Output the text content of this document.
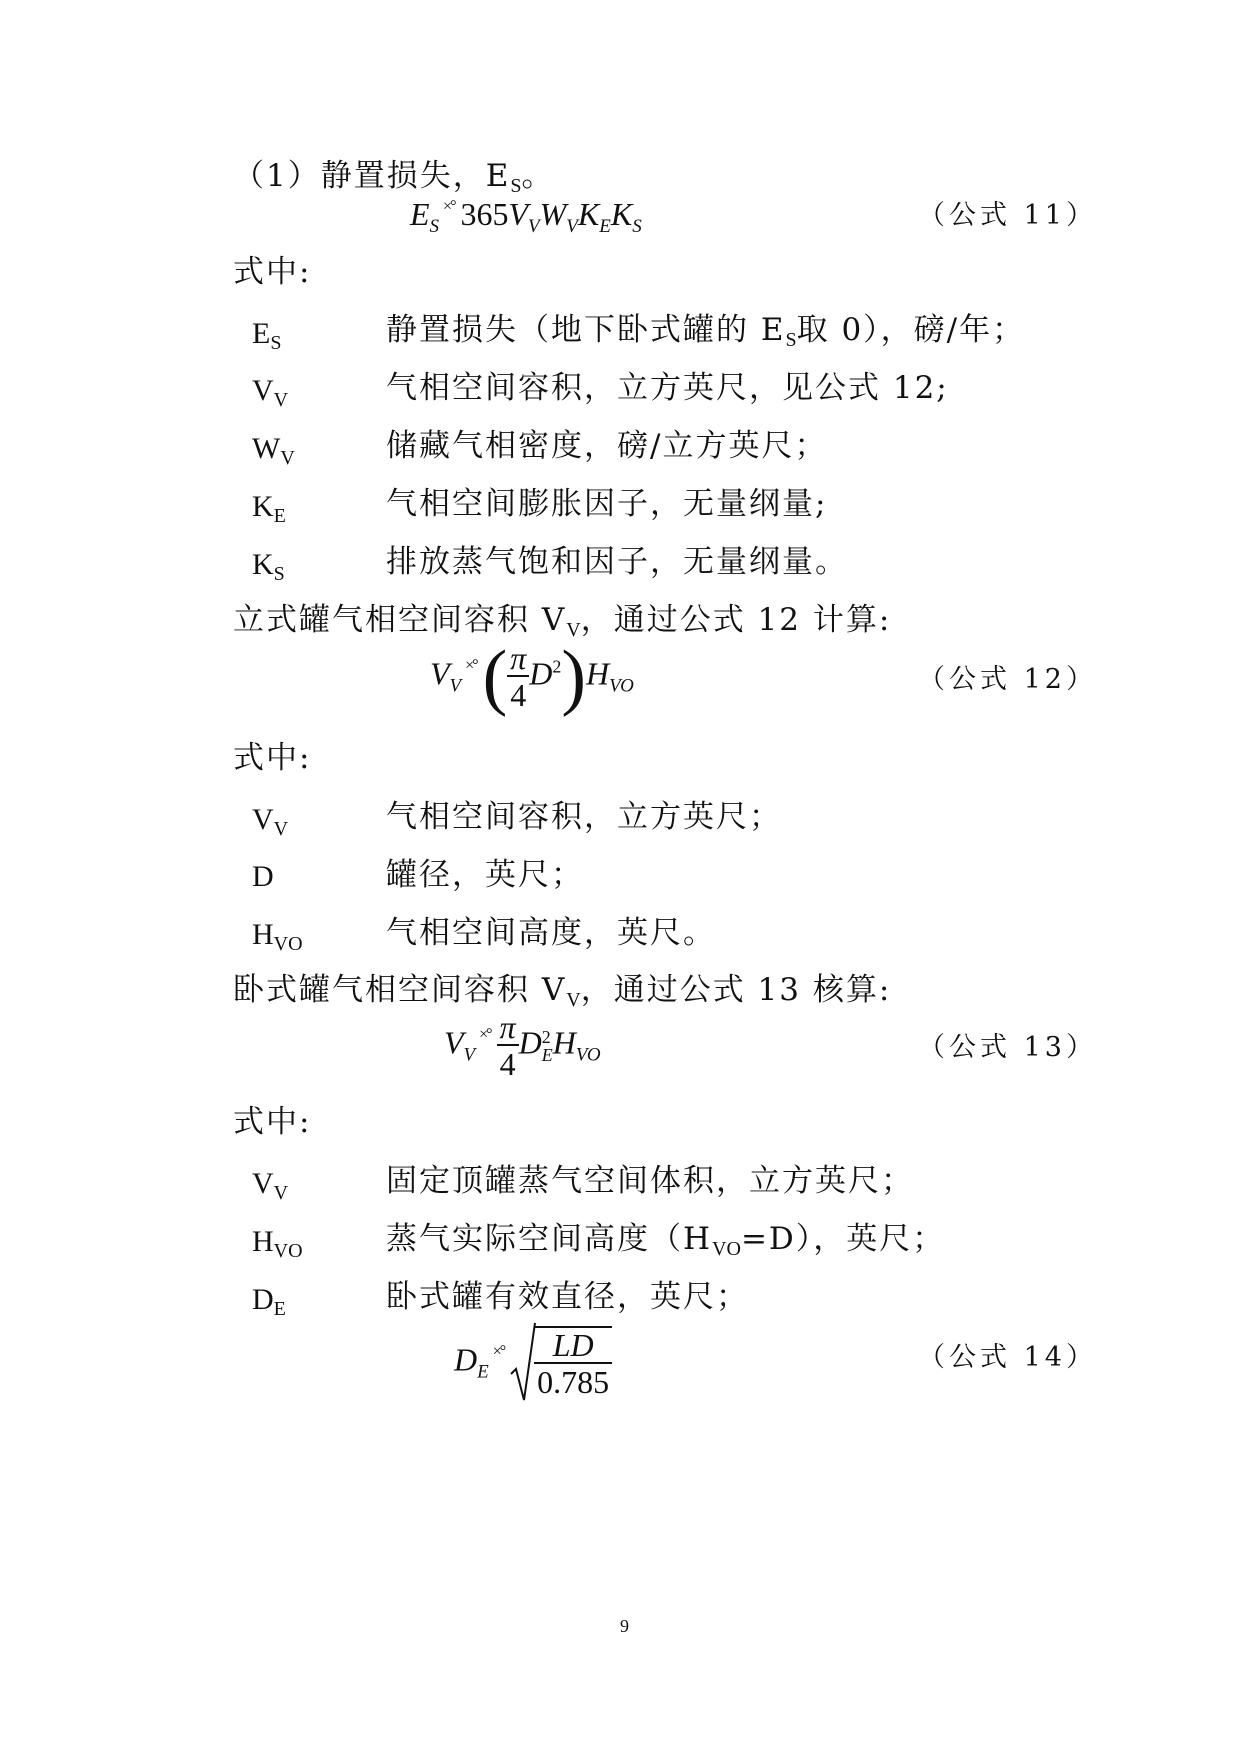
（1）静置损失，ES。
$E_S\times^\circ$ $365V_VW_VK_EK_S$	（公式 11）
式中:
$E_S$	静置损失（地下卧式罐的 ES取 0），磅/年；
$V_V$	气相空间容积，立方英尺，见公式 12;
$W_V$	储藏气相密度，磅/立方英尺；
$K_E$	气相空间膨胀因子，无量纲量;
$K_S$	排放蒸气饱和因子，无量纲量。
立式罐气相空间容积 VV，通过公式 12 计算:
$V_V\times^\circ( \frac{\pi}{4} D^2)H_{VO}$	（公式 12）
式中:
$V_V$	气相空间容积，立方英尺；
D	罐径，英尺；
$H_{VO}$	气相空间高度，英尺。
卧式罐气相空间容积 VV，通过公式 13 核算:
$V_V\times^\circ \frac{\pi}{4}$ D 2
E $H_{VO}$	（公式 13）
式中:
$V_V$	固定顶罐蒸气空间体积，立方英尺；
$H_{VO}$	蒸气实际空间高度（HVO=D），英尺；
$D_E$	卧式罐有效直径，英尺；
$D_E\times^\circ \frac{LD}{0.785}$	（公式 14）
9
